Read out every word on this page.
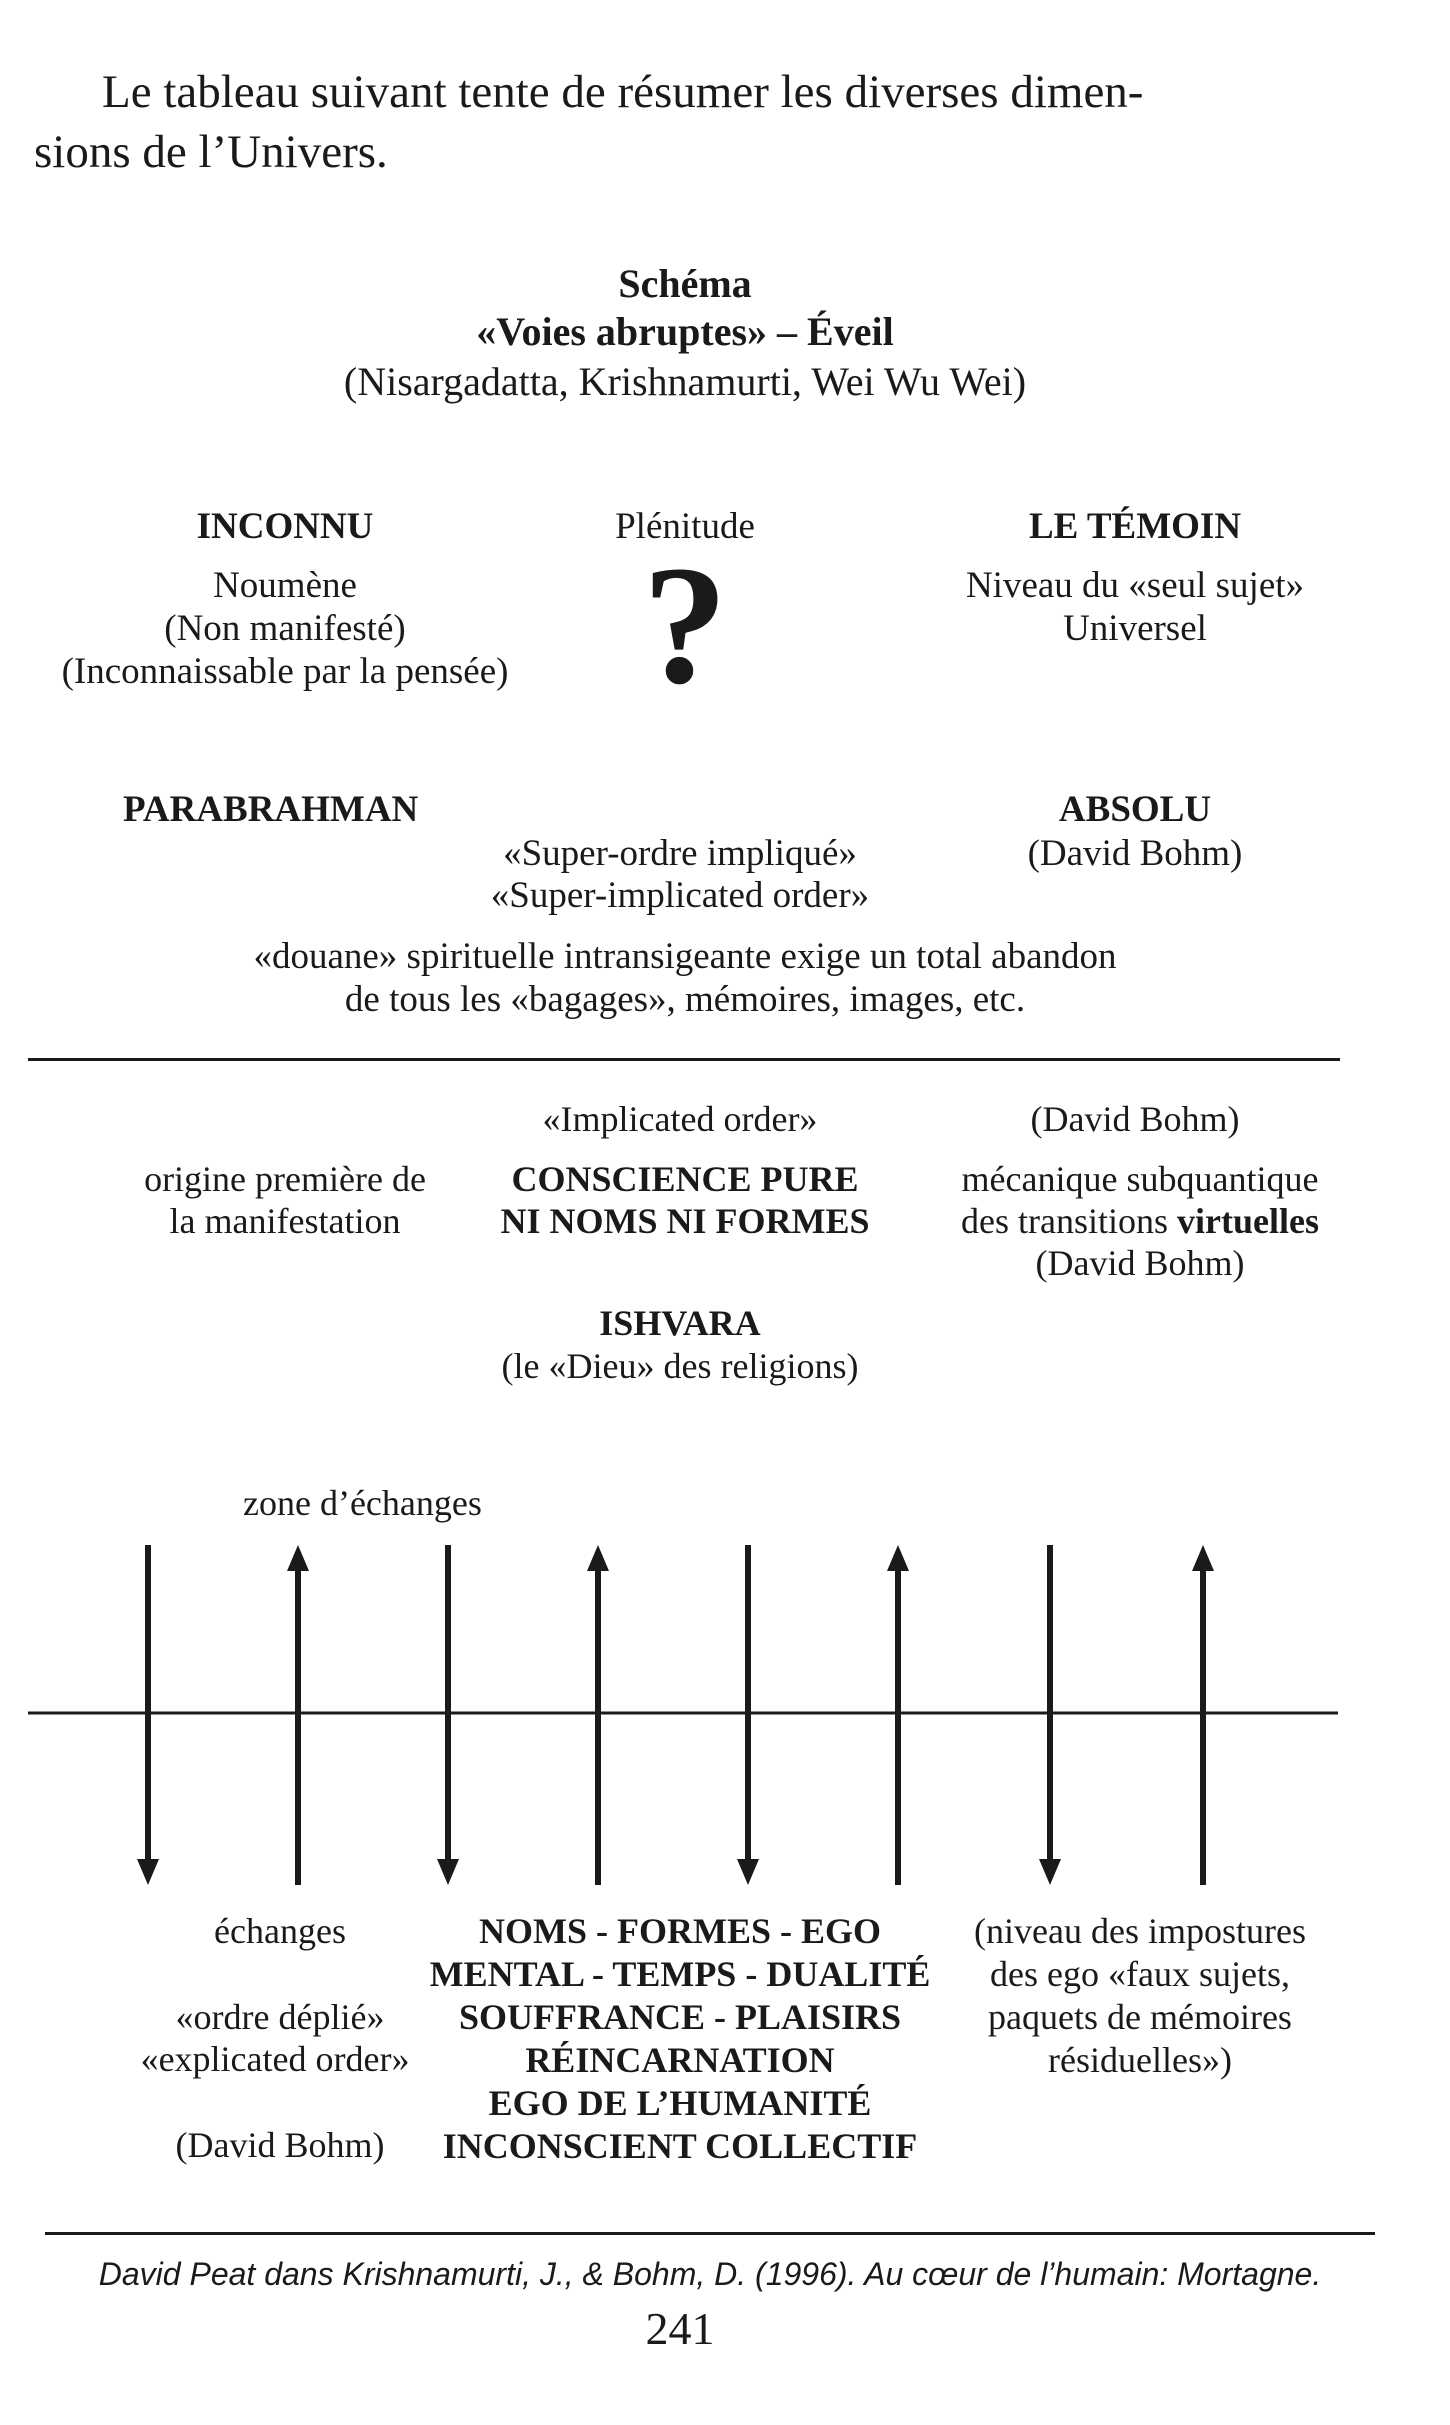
Le tableau suivant tente de résumer les diverses dimen-
sions de l’Univers.
Schéma
«Voies abruptes» – Éveil
(Nisargadatta, Krishnamurti, Wei Wu Wei)
INCONNU
Noumène
(Non manifesté)
(Inconnaissable par la pensée)
Plénitude
?
LE TÉMOIN
Niveau du «seul sujet»
Universel
PARABRAHMAN
«Super-ordre impliqué»
«Super-implicated order»
ABSOLU
(David Bohm)
«douane» spirituelle intransigeante exige un total abandon
de tous les «bagages», mémoires, images, etc.
«Implicated order»	(David Bohm)
origine première de
la manifestation
CONSCIENCE PURE
NI NOMS NI FORMES
mécanique subquantique
des transitions virtuelles
(David Bohm)
ISHVARA
(le «Dieu» des religions)
zone d’échanges
échanges
«ordre déplié»
«explicated order»
(David Bohm)
NOMS - FORMES - EGO
MENTAL - TEMPS - DUALITÉ
SOUFFRANCE - PLAISIRS
RÉINCARNATION
EGO DE L’HUMANITÉ
INCONSCIENT COLLECTIF
(niveau des impostures
des ego «faux sujets,
paquets de mémoires
résiduelles»)
David Peat dans Krishnamurti, J., & Bohm, D. (1996). Au cœur de l’humain: Mortagne.
241
